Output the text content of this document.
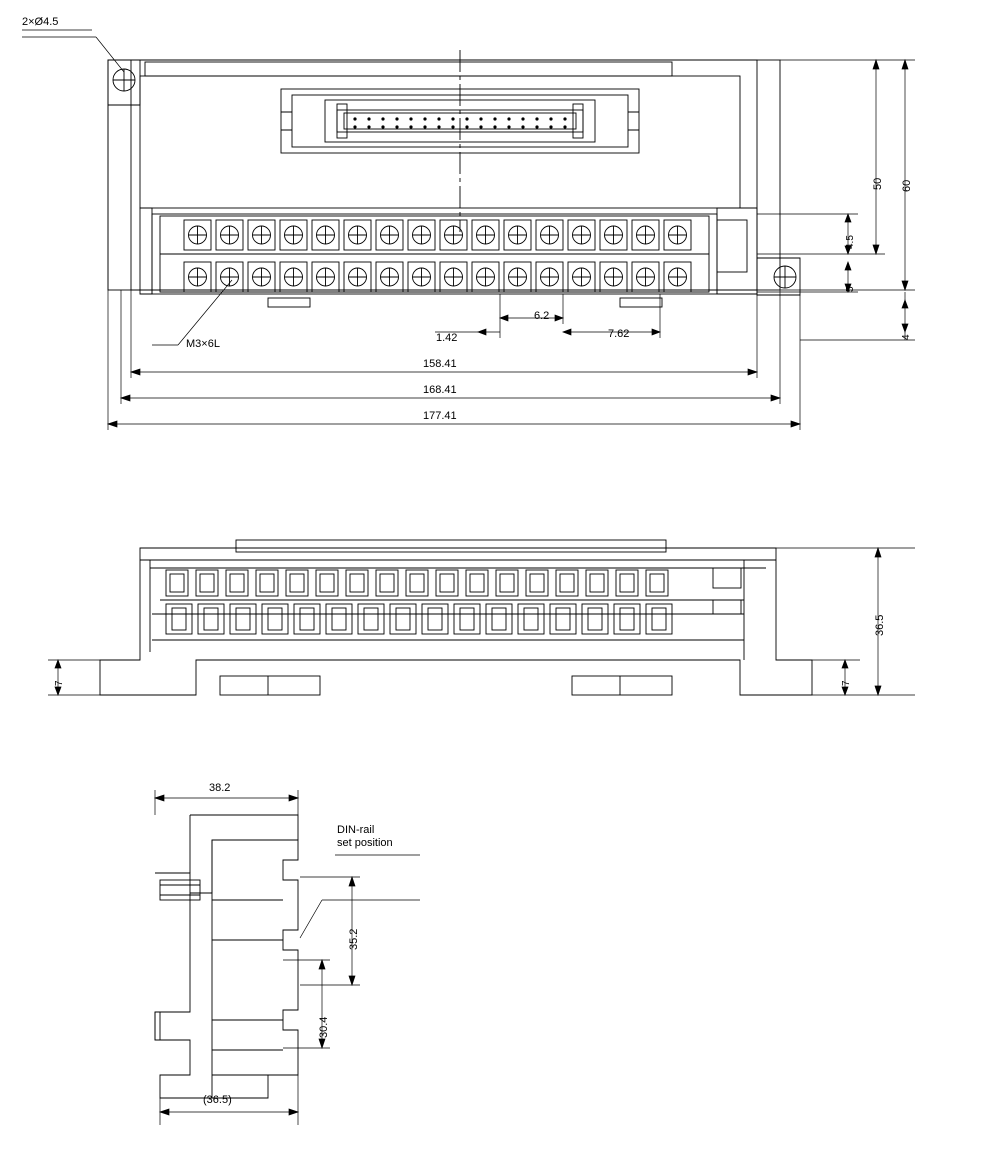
2×Ø4.5
M3×6L
50 60
4.5
5
4
1.42
6.2
7.62
158.41
168.41
177.41
36.5
7	7
38.2
35.2
30.4
(36.5)
DIN-rail
set position
